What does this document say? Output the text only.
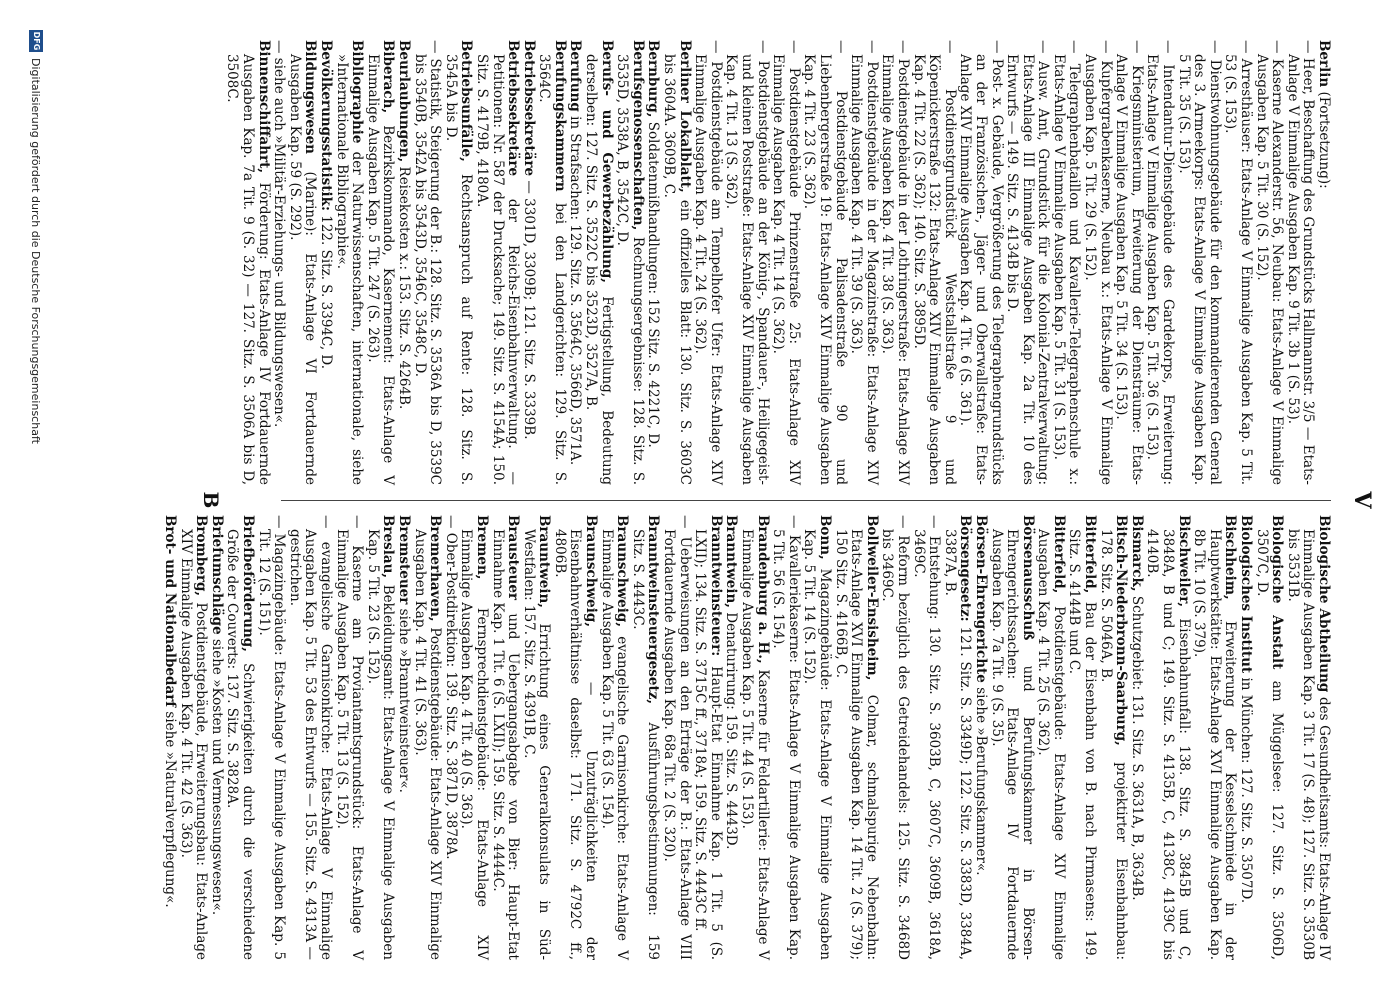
V
Berlin (Fortsetzung):
— Heer, Beschaffung des Grundstücks Hallmannstr. 3/5 — Etats-Anlage V Einmalige Ausgaben Kap. 9 Tit. 3b 1 (S. 53).
— Kaserne Alexanderstr. 56, Neubau: Etats-Anlage V Einmalige Ausgaben Kap. 5 Tit. 30 (S. 152).
— Arresthäuser: Etats-Anlage V Einmalige Ausgaben Kap. 5 Tit. 53 (S. 153).
— Dienstwohnungsgebäude für den kommandierenden General des 3. Armeekorps: Etats-Anlage V Einmalige Ausgaben Kap. 5 Tit. 35 (S. 153).
— Intendantur-Dienstgebäude des Gardekorps, Erweiterung: Etats-Anlage V Einmalige Ausgaben Kap. 5 Tit. 36 (S. 153).
— Kriegsministerium, Erweiterung der Diensträume: Etats-Anlage V Einmalige Ausgaben Kap. 5 Tit. 34 (S. 153).
— Kupfergrabenkaserne, Neubau x.: Etats-Anlage V Einmalige Ausgaben Kap. 5 Tit. 29 (S. 152).
— Telegraphenbataillon und Kavallerie-Telegraphenschule x.: Etats-Anlage V Einmalige Ausgaben Kap. 5 Tit. 31 (S. 153).
— Ausw. Amt, Grundstück für die Kolonial-Zentralverwaltung: Etats-Anlage III Einmalige Ausgaben Kap. 2a Tit. 10 des Entwurfs — 149. Sitz. S. 4134B bis D.
— Post- x. Gebäude, Vergrößerung des Telegraphengrundstücks an der Französischen-, Jäger- und Oberwallstraße: Etats-Anlage XIV Einmalige Ausgaben Kap. 4 Tit. 6 (S. 361).
— Postdienstgrundstück Weststallstraße 9 und Köpenickerstraße 132: Etats-Anlage XIV Einmalige Ausgaben Kap. 4 Tit. 22 (S. 362); 140. Sitz. S. 3895D.
— Postdienstgebäude in der Lothringerstraße: Etats-Anlage XIV Einmalige Ausgaben Kap. 4 Tit. 38 (S. 363).
— Postdienstgebäude in der Magazinstraße: Etats-Anlage XIV Einmalige Ausgaben Kap. 4 Tit. 39 (S. 363).
— Postdienstgebäude Palisadenstraße 90 und Liebenbergerstraße 19: Etats-Anlage XIV Einmalige Ausgaben Kap. 4 Tit. 23 (S. 362).
— Postdienstgebäude Prinzenstraße 25: Etats-Anlage XIV Einmalige Ausgaben Kap. 4 Tit. 14 (S. 362).
— Postdienstgebäude an der König-, Spandauer-, Heiligegeist- und kleinen Poststraße: Etats-Anlage XIV Einmalige Ausgaben Kap. 4 Tit. 13 (S. 362).
— Postdienstgebäude am Tempelhofer Ufer: Etats-Anlage XIV Einmalige Ausgaben Kap. 4 Tit. 24 (S. 362).
Berliner Lokalblatt, ein offizielles Blatt: 130. Sitz. S. 3603C bis 3604A. 3609B, C.
Bernburg, Soldatenmißhandlungen: 152 Sitz. S. 4221C, D.
Berufsgenossenschaften, Rechnungsergebnisse: 128. Sitz. S. 3535D, 3538A, B, 3542C, D.
Berufs- und Gewerbezählung, Fertigstellung, Bedeutung derselben: 127. Sitz. S. 3522C bis 3523D, 3527A, B.
Berufung in Strafsachen: 129. Sitz. S. 3564C, 3566D, 3571A.
Berufungskammern bei den Landgerichten: 129. Sitz. S. 3564C.
Betriebssekretäre — 3301D, 3309B; 121. Sitz. S. 3339B.
Betriebssekretäre der Reichs-Eisenbahnverwaltung. — Petitionen: Nr. 587 der Drucksache; 149. Sitz. S. 4154A; 150. Sitz. S. 4179B, 4180A.
Betriebsunfälle, Rechtsanspruch auf Rente: 128. Sitz. S. 3545A bis D.
— Statistik, Steigerung der B.: 128. Sitz. S. 3536A bis D, 3539C bis 3540B, 3542A bis 3543D, 3546C, 3548C, D.
Beurlaubungen, Reisekosten x.: 153. Sitz. S. 4264B.
Biberach, Bezirkskommando, Kasernement: Etats-Anlage V Einmalige Ausgaben Kap. 5 Tit. 247 (S. 263).
Bibliographie der Naturwissenschaften, internationale, siehe »Internationale Bibliographie«.
Bevölkerungsstatistik: 122. Sitz. S. 3394C, D.
Bildungswesen (Marine): Etats-Anlage VI Fortdauernde Ausgaben Kap. 59 (S. 292).
— siehe auch »Militär-Erziehungs- und Bildungswesen«.
Binnenschiffahrt, Förderung: Etats-Anlage IV Fortdauernde Ausgaben Kap. 7a Tit. 9 (S. 32) — 127. Sitz. S. 3506A bis D, 3508C.
Biologische Abtheilung des Gesundheitsamts: Etats-Anlage IV Einmalige Ausgaben Kap. 3 Tit. 17 (S. 48); 127. Sitz. S. 3530B bis 3531B.
Biologische Anstalt am Müggelsee: 127. Sitz. S. 3506D, 3507C, D.
Biologisches Institut in München: 127. Sitz. S. 3507D.
Bischheim, Erweiterung der Kesselschmiede in der Hauptwerkstätte: Etats-Anlage XVI Einmalige Ausgaben Kap. 8b Tit. 10 (S. 379).
Bischweiler, Eisenbahnunfall: 138. Sitz. S. 3845B und C, 3848A, B und C; 149. Sitz. S. 4135B, C, 4138C, 4139C bis 4140B.
Bismarck, Schutzgebiet: 131. Sitz. S. 3631A, B, 3634B.
Bitsch-Niederbronn-Saarburg, projektirter Eisenbahnbau: 178. Sitz. S. 5046A, B.
Bitterfeld, Bau der Eisenbahn von B. nach Pirmasens: 149. Sitz. S. 4144B und C.
Bitterfeld, Postdienstgebäude: Etats-Anlage XIV Einmalige Ausgaben Kap. 4 Tit. 25 (S. 362).
Börsenausschuß und Berufungskammer in Börsen-Ehrengerichtssachen: Etats-Anlage IV Fortdauernde Ausgaben Kap. 7a Tit. 9 (S. 35).
Börsen-Ehrengerichte siehe »Berufungskammer«.
Börsengesetz: 121. Sitz. S. 3349D; 122. Sitz. S. 3383D, 3384A, 3387A, B.
— Entstehung: 130. Sitz. S. 3603B, C, 3607C, 3609B, 3618A, 3469C.
— Reform bezüglich des Getreidehandels: 125. Sitz. S. 3468D bis 3469C.
Bollweiler-Ensisheim, Colmar, schmalspurige Nebenbahn: Etats-Anlage XVI Einmalige Ausgaben Kap. 14 Tit. 2 (S. 379); 150 Sitz. S. 4166B, C.
Bonn, Magazingebäude: Etats-Anlage V Einmalige Ausgaben Kap. 5 Tit. 14 (S. 152).
— Kavalleriekaserne: Etats-Anlage V Einmalige Ausgaben Kap. 5 Tit. 56 (S. 154).
Brandenburg a. H., Kaserne für Feldartillerie: Etats-Anlage V Einmalige Ausgaben Kap. 5 Tit. 44 (S. 153).
Branntwein, Denaturirung: 159. Sitz. S. 4443D.
Branntweinsteuer: Haupt-Etat Einnahme Kap. 1 Tit. 5 (S. LXII); 134. Sitz. S. 3715C ff., 3718A; 159. Sitz. S. 4443C ff.
— Ueberweisungen an den Erträge der B.: Etats-Anlage VIII Fortdauernde Ausgaben Kap. 68a Tit. 2 (S. 320).
Branntweinsteuergesetz, Ausführungsbestimmungen: 159 Sitz. S. 4443C.
Braunschweig, evangelische Garnisonkirche: Etats-Anlage V Einmalige Ausgaben Kap. 5 Tit. 63 (S. 154).
Braunschweig, — Unzuträglichkeiten der Eisenbahnverhältnisse daselbst: 171. Sitz. S. 4792C ff., 4806B.
Brauntwein, Errichtung eines Generalkonsulats in Süd-Westfalen: 157. Sitz. S. 4391B, C.
Brausteuer und Uebergangsabgabe von Bier: Haupt-Etat Einnahme Kap. 1 Tit. 6 (S. LXII); 159. Sitz. S. 4444C.
Bremen, Fernsprechdienstgebäude: Etats-Anlage XIV Einmalige Ausgaben Kap. 4 Tit. 40 (S. 363).
— Ober-Postdirektion: 139. Sitz. S. 3871D, 3878A.
Bremerhaven, Postdienstgebäude: Etats-Anlage XIV Einmalige Ausgaben Kap. 4 Tit. 41 (S. 363).
Bremsteuer siehe »Branntweinsteuer«.
Breslau, Bekleidungsamt: Etats-Anlage V Einmalige Ausgaben Kap. 5 Tit. 23 (S. 152).
— Kaserne am Proviantamtsgrundstück: Etats-Anlage V Einmalige Ausgaben Kap. 5 Tit. 13 (S. 152).
— evangelische Garnisonkirche: Etats-Anlage V Einmalige Ausgaben Kap. 5 Tit. 53 des Entwurfs — 155. Sitz. S. 4313A — gestrichen.
— Magazingebäude: Etats-Anlage V Einmalige Ausgaben Kap. 5 Tit. 12 (S. 151).
Briefbeförderung, Schwierigkeiten durch die verschiedene Größe der Couverts: 137. Sitz. S. 3828A.
Briefumschläge siehe »Kosten und Vermessungswesen«.
Bromberg, Postdienstgebäude, Erweiterungsbau: Etats-Anlage XIV Einmalige Ausgaben Kap. 4 Tit. 42 (S. 363).
Brot- und Nationalbedarf siehe »Naturalverpflegung«.
B
DFG
Digitalisierung gefördert durch die Deutsche Forschungsgemeinschaft
